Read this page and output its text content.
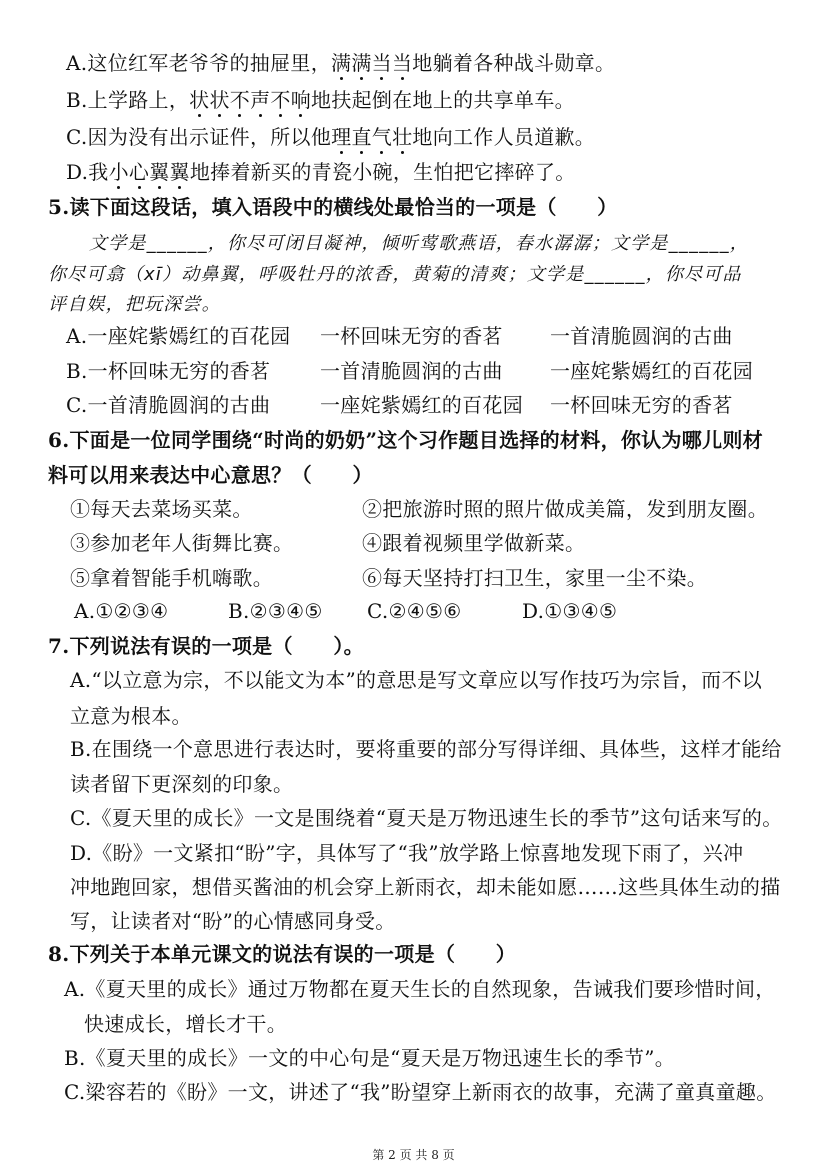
A.这位红军老爷爷的抽屉里，满满当当地躺着各种战斗勋章。
B.上学路上，状状不声不响地扶起倒在地上的共享单车。
C.因为没有出示证件，所以他理直气壮地向工作人员道歉。
D.我小心翼翼地捧着新买的青瓷小碗，生怕把它摔碎了。
5.读下面这段话，填入语段中的横线处最恰当的一项是（　　）
文学是______，你尽可闭目凝神，倾听莺歌燕语，春水潺潺；文学是______，
你尽可翕（xī）动鼻翼，呼吸牡丹的浓香，黄菊的清爽；文学是______，你尽可品
评自娱，把玩深尝。
A.一座姹紫嫣红的百花园 一杯回味无穷的香茗 一首清脆圆润的古曲
B.一杯回味无穷的香茗 一首清脆圆润的古曲 一座姹紫嫣红的百花园
C.一首清脆圆润的古曲 一座姹紫嫣红的百花园 一杯回味无穷的香茗
6.下面是一位同学围绕“时尚的奶奶”这个习作题目选择的材料，你认为哪儿则材
料可以用来表达中心意思？（　　）
①每天去菜场买菜。	②把旅游时照的照片做成美篇，发到朋友圈。
③参加老年人街舞比赛。	④跟着视频里学做新菜。
⑤拿着智能手机嗨歌。	⑥每天坚持打扫卫生，家里一尘不染。
A.①②③④	B.②③④⑤ C.②④⑤⑥	D.①③④⑤
7.下列说法有误的一项是（　　）。
A.“以立意为宗，不以能文为本”的意思是写文章应以写作技巧为宗旨，而不以
立意为根本。
B.在围绕一个意思进行表达时，要将重要的部分写得详细、具体些，这样才能给
读者留下更深刻的印象。
C.《夏天里的成长》一文是围绕着“夏天是万物迅速生长的季节”这句话来写的。
D.《盼》一文紧扣“盼”字，具体写了“我”放学路上惊喜地发现下雨了，兴冲
冲地跑回家，想借买酱油的机会穿上新雨衣，却未能如愿……这些具体生动的描
写，让读者对“盼”的心情感同身受。
8.下列关于本单元课文的说法有误的一项是（　　）
A.《夏天里的成长》通过万物都在夏天生长的自然现象，告诫我们要珍惜时间，
快速成长，增长才干。
B.《夏天里的成长》一文的中心句是“夏天是万物迅速生长的季节”。
C.梁容若的《盼》一文，讲述了“我”盼望穿上新雨衣的故事，充满了童真童趣。
第 2 页 共 8 页
